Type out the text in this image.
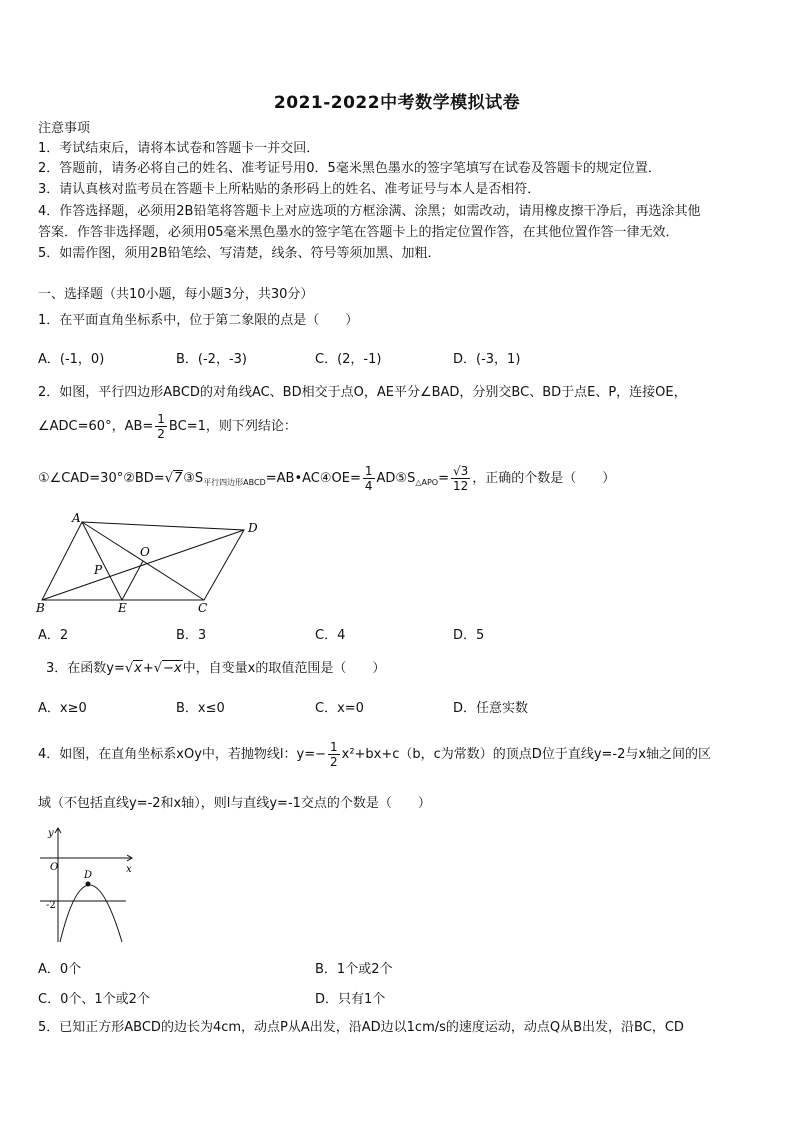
2021-2022中考数学模拟试卷
注意事项
1．考试结束后，请将本试卷和答题卡一并交回．
2．答题前，请务必将自己的姓名、准考证号用0．5毫米黑色墨水的签字笔填写在试卷及答题卡的规定位置．
3．请认真核对监考员在答题卡上所粘贴的条形码上的姓名、准考证号与本人是否相符．
4．作答选择题，必须用2B铅笔将答题卡上对应选项的方框涂满、涂黑；如需改动，请用橡皮擦干净后，再选涂其他
答案．作答非选择题，必须用05毫米黑色墨水的签字笔在答题卡上的指定位置作答，在其他位置作答一律无效．
5．如需作图，须用2B铅笔绘、写清楚，线条、符号等须加黑、加粗．
一、选择题（共10小题，每小题3分，共30分）
1．在平面直角坐标系中，位于第二象限的点是（　　）
A．(-1，0)	B．(-2，-3)	C．(2，-1)	D．(-3，1)
2．如图，平行四边形ABCD的对角线AC、BD相交于点O，AE平分∠BAD，分别交BC、BD于点E、P，连接OE，
∠ADC=60°，$AB= \frac{1}{2} BC=1$，则下列结论：
$①\angle CAD=30^\circ ②BD=√7③S_{平行四边形ABCD}=AB•AC④OE= \frac{1}{4}$ $AD⑤S_{\triangle APO}= \frac{√3}{12}$ ，正确的个数是（　　）
A
D
B	C
E
O
P
A．2	B．3	C．4	D．5
3．在函数y=√x+√−x中，自变量x的取值范围是（　　）
A．x≥0	B．x≤0	C．x=0	D．任意实数
4．如图，在直角坐标系xOy中，若抛物线l：$y=- \frac{1}{2} x^2+bx+c(b$，c为常数）的顶点D位于直线y=-2与x轴之间的区
域（不包括直线y=-2和x轴），则l与直线y=-1交点的个数是（　　）
y
x
O
D
-2
A．0个	B．1个或2个
C．0个、1个或2个	D．只有1个
5．已知正方形ABCD的边长为4cm，动点P从A出发，沿AD边以1cm/s的速度运动，动点Q从B出发，沿BC，CD
